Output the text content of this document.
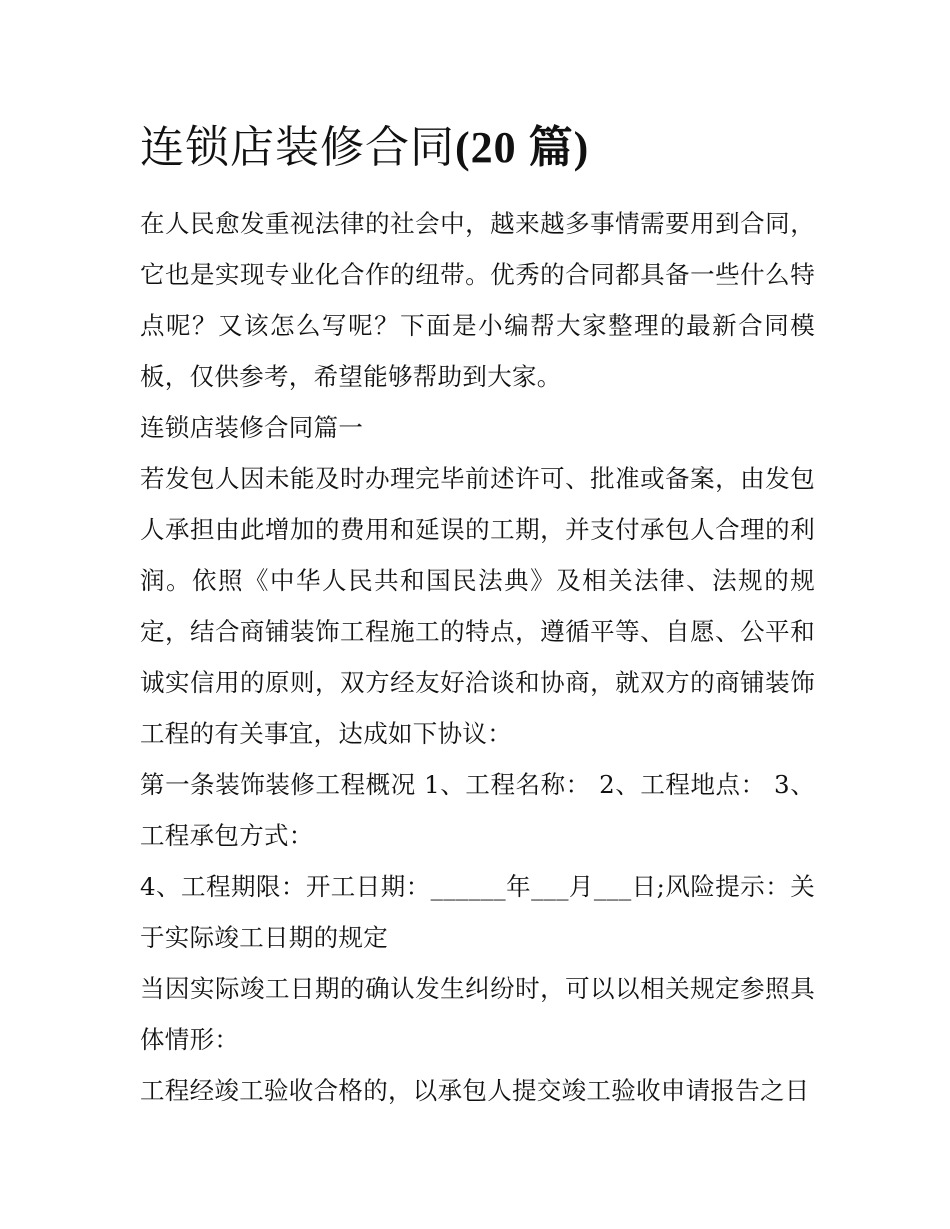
连锁店装修合同(20 篇)

在人民愈发重视法律的社会中，越来越多事情需要用到合同，它也是实现专业化合作的纽带。优秀的合同都具备一些什么特点呢？又该怎么写呢？下面是小编帮大家整理的最新合同模板，仅供参考，希望能够帮助到大家。

连锁店装修合同篇一

若发包人因未能及时办理完毕前述许可、批准或备案，由发包人承担由此增加的费用和延误的工期，并支付承包人合理的利润。依照《中华人民共和国民法典》及相关法律、法规的规定，结合商铺装饰工程施工的特点，遵循平等、自愿、公平和诚实信用的原则，双方经友好洽谈和协商，就双方的商铺装饰工程的有关事宜，达成如下协议：

第一条装饰装修工程概况 1、工程名称： 2、工程地点： 3、工程承包方式：

4、工程期限：开工日期：______年___月___日;风险提示：关于实际竣工日期的规定

当因实际竣工日期的确认发生纠纷时，可以以相关规定参照具体情形：

工程经竣工验收合格的，以承包人提交竣工验收申请报告之日
